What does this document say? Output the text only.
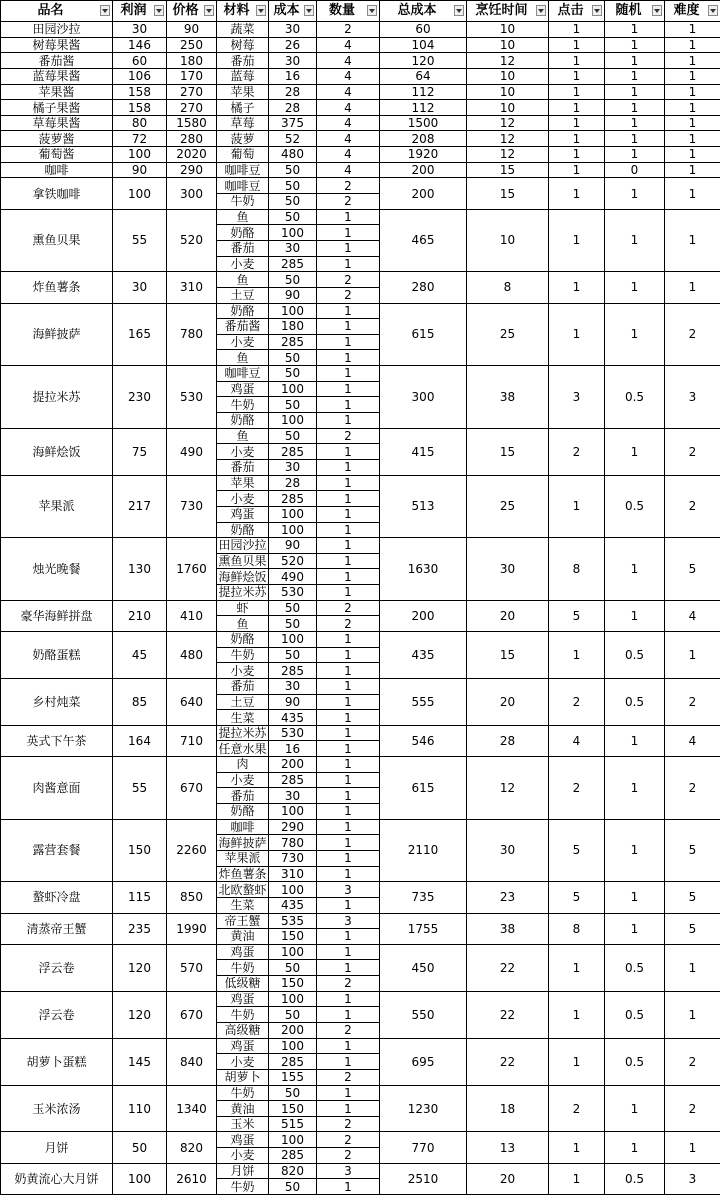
品名	利润	价格	材料	成本	数量	总成本	烹饪时间	点击	随机	难度

田园沙拉	30	90	蔬菜	30	2	60	10	1	1	1
树莓果酱	146	250	树莓	26	4	104	10	1	1	1
番茄酱	60	180	番茄	30	4	120	12	1	1	1
蓝莓果酱	106	170	蓝莓	16	4	64	10	1	1	1
苹果酱	158	270	苹果	28	4	112	10	1	1	1
橘子果酱	158	270	橘子	28	4	112	10	1	1	1
草莓果酱	80	1580	草莓	375	4	1500	12	1	1	1
菠萝酱	72	280	菠萝	52	4	208	12	1	1	1
葡萄酱	100	2020	葡萄	480	4	1920	12	1	1	1
咖啡	90	290	咖啡豆	50	4	200	15	1	0	1
拿铁咖啡	100	300	咖啡豆	50	2	200	15	1	1	1
			牛奶	50	2					
熏鱼贝果	55	520	鱼	50	1	465	10	1	1	1
			奶酪	100	1					
			番茄	30	1					
			小麦	285	1					
炸鱼薯条	30	310	鱼	50	2	280	8	1	1	1
			土豆	90	2					
海鲜披萨	165	780	奶酪	100	1	615	25	1	1	2
			番茄酱	180	1					
			小麦	285	1					
			鱼	50	1					
提拉米苏	230	530	咖啡豆	50	1	300	38	3	0.5	3
			鸡蛋	100	1					
			牛奶	50	1					
			奶酪	100	1					
海鲜烩饭	75	490	鱼	50	2	415	15	2	1	2
			小麦	285	1					
			番茄	30	1					
苹果派	217	730	苹果	28	1	513	25	1	0.5	2
			小麦	285	1					
			鸡蛋	100	1					
			奶酪	100	1					
烛光晚餐	130	1760	田园沙拉	90	1	1630	30	8	1	5
			熏鱼贝果	520	1					
			海鲜烩饭	490	1					
			提拉米苏	530	1					
豪华海鲜拼盘	210	410	虾	50	2	200	20	5	1	4
			鱼	50	2					
奶酪蛋糕	45	480	奶酪	100	1	435	15	1	0.5	1
			牛奶	50	1					
			小麦	285	1					
乡村炖菜	85	640	番茄	30	1	555	20	2	0.5	2
			土豆	90	1					
			生菜	435	1					
英式下午茶	164	710	提拉米苏	530	1	546	28	4	1	4
			任意水果	16	1					
肉酱意面	55	670	肉	200	1	615	12	2	1	2
			小麦	285	1					
			番茄	30	1					
			奶酪	100	1					
露营套餐	150	2260	咖啡	290	1	2110	30	5	1	5
			海鲜披萨	780	1					
			苹果派	730	1					
			炸鱼薯条	310	1					
螯虾冷盘	115	850	北欧螯虾	100	3	735	23	5	1	5
			生菜	435	1					
清蒸帝王蟹	235	1990	帝王蟹	535	3	1755	38	8	1	5
			黄油	150	1					
浮云卷	120	570	鸡蛋	100	1	450	22	1	0.5	1
			牛奶	50	1					
			低级糖	150	2					
浮云卷	120	670	鸡蛋	100	1	550	22	1	0.5	1
			牛奶	50	1					
			高级糖	200	2					
胡萝卜蛋糕	145	840	鸡蛋	100	1	695	22	1	0.5	2
			小麦	285	1					
			胡萝卜	155	2					
玉米浓汤	110	1340	牛奶	50	1	1230	18	2	1	2
			黄油	150	1					
			玉米	515	2					
月饼	50	820	鸡蛋	100	2	770	13	1	1	1
			小麦	285	2					
奶黄流心大月饼	100	2610	月饼	820	3	2510	20	1	0.5	3
			牛奶	50	1					
